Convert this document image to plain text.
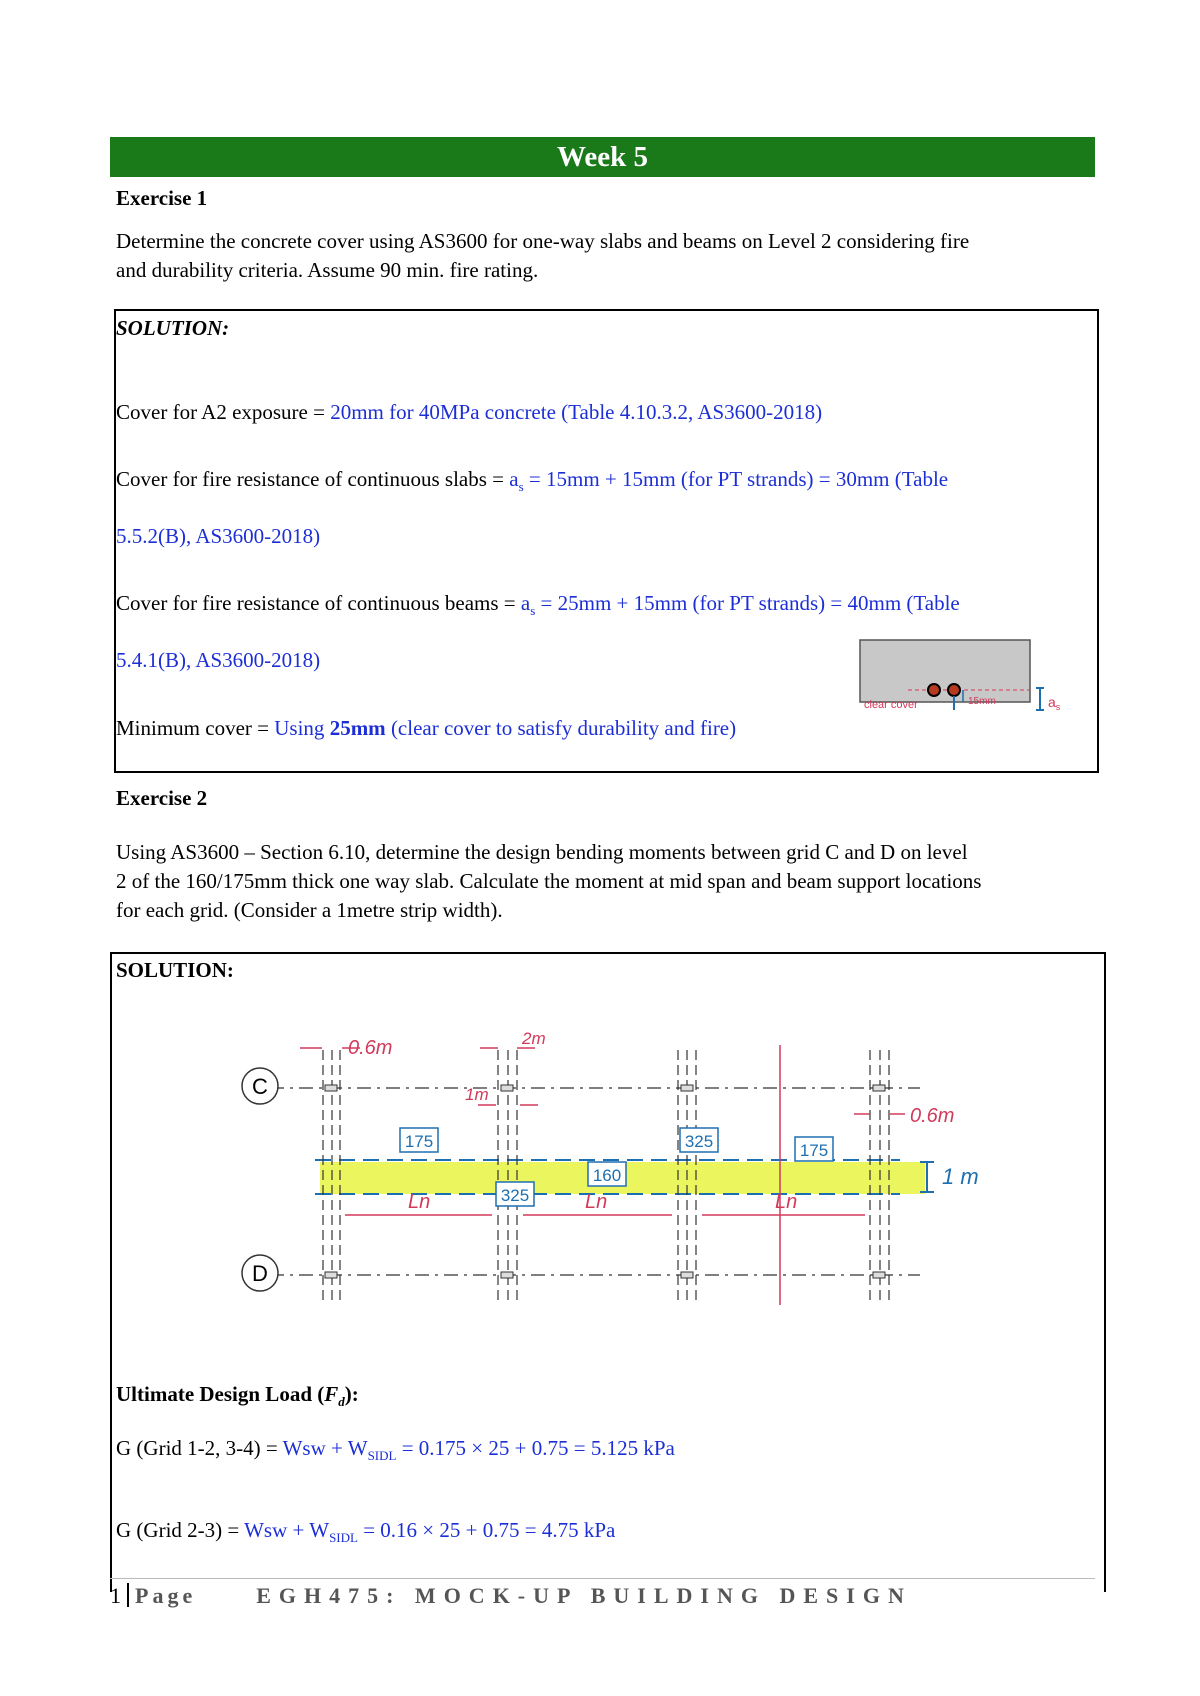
Week 5
Exercise 1
Determine the concrete cover using AS3600 for one-way slabs and beams on Level 2 considering fire
and durability criteria. Assume 90 min. fire rating.
SOLUTION:
Cover for A2 exposure = 20mm for 40MPa concrete (Table 4.10.3.2, AS3600-2018)
Cover for fire resistance of continuous slabs = $a_s = 15mm + 15mm$ (for PT strands) = 30mm (Table
5.5.2(B), AS3600-2018)
Cover for fire resistance of continuous beams = $a_s = 25mm + 15mm$ (for PT strands) = 40mm (Table
5.4.1(B), AS3600-2018)
Minimum cover = Using 25mm (clear cover to satisfy durability and fire)
clear cover	15mm	$a_s$
Exercise 2
Using AS3600 – Section 6.10, determine the design bending moments between grid C and D on level
2 of the 160/175mm thick one way slab. Calculate the moment at mid span and beam support locations
for each grid. (Consider a 1metre strip width).
SOLUTION:
C
D
175	325
325
160
175
0.6m	2m
1m
0.6m
Ln	Ln	Ln
1 m
Ultimate Design Load $(F_d)$:
G (Grid 1-2, 3-4) = Wsw + $W_{SIDL} = 0.175 \times 25 + 0.75 = 5.125$ kPa
G (Grid 2-3) = Wsw + $W_{SIDL} = 0.16 \times 25 + 0.75 = 4.75$ kPa
1 Page	EGH475: MOCK-UP BUILDING DESIGN
